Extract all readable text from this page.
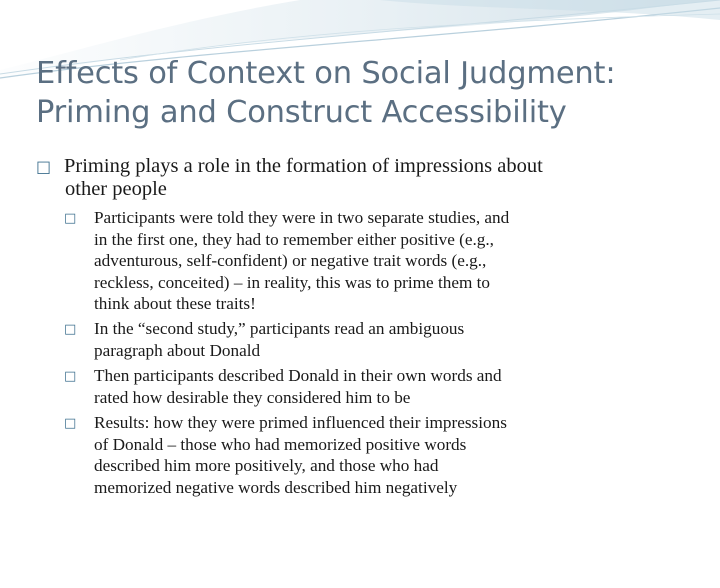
Effects of Context on Social Judgment:
Priming and Construct Accessibility

□ Priming plays a role in the formation of impressions about
other people

□ Participants were told they were in two separate studies, and
in the first one, they had to remember either positive (e.g.,
adventurous, self-confident) or negative trait words (e.g.,
reckless, conceited) – in reality, this was to prime them to
think about these traits!

□ In the “second study,” participants read an ambiguous
paragraph about Donald

□ Then participants described Donald in their own words and
rated how desirable they considered him to be

□ Results: how they were primed influenced their impressions
of Donald – those who had memorized positive words
described him more positively, and those who had
memorized negative words described him negatively
